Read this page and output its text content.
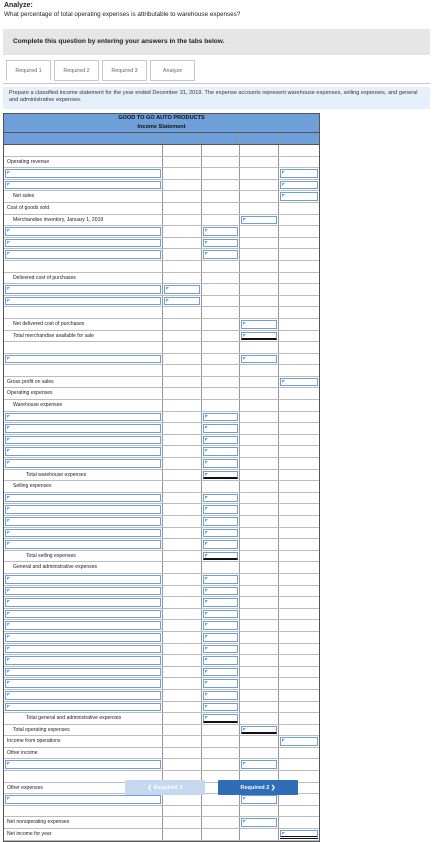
Analyze:
What percentage of total operating expenses is attributable to warehouse expenses?
Complete this question by entering your answers in the tabs below.
Required 1	Required 2	Required 3	Analyze
Prepare a classified income statement for the year ended December 31, 2019. The expense accounts represent warehouse expenses, selling expenses, and general and administrative expenses.
GOOD TO GO AUTO PRODUCTS
Income Statement
Operating revenue
Net sales
Cost of goods sold
Merchandise inventory, January 1, 2019
Delivered cost of purchases
Net delivered cost of purchases
Total merchandise available for sale
Gross profit on sales
Operating expenses
Warehouse expenses
Total warehouse expenses
Selling expenses
Total selling expenses
General and administrative expenses
Total general and administrative expenses
Total operating expenses
Income from operations
Other income
Other expenses
Net nonoperating expenses
Net income for year
❮ Required 1	Required 2 ❯
